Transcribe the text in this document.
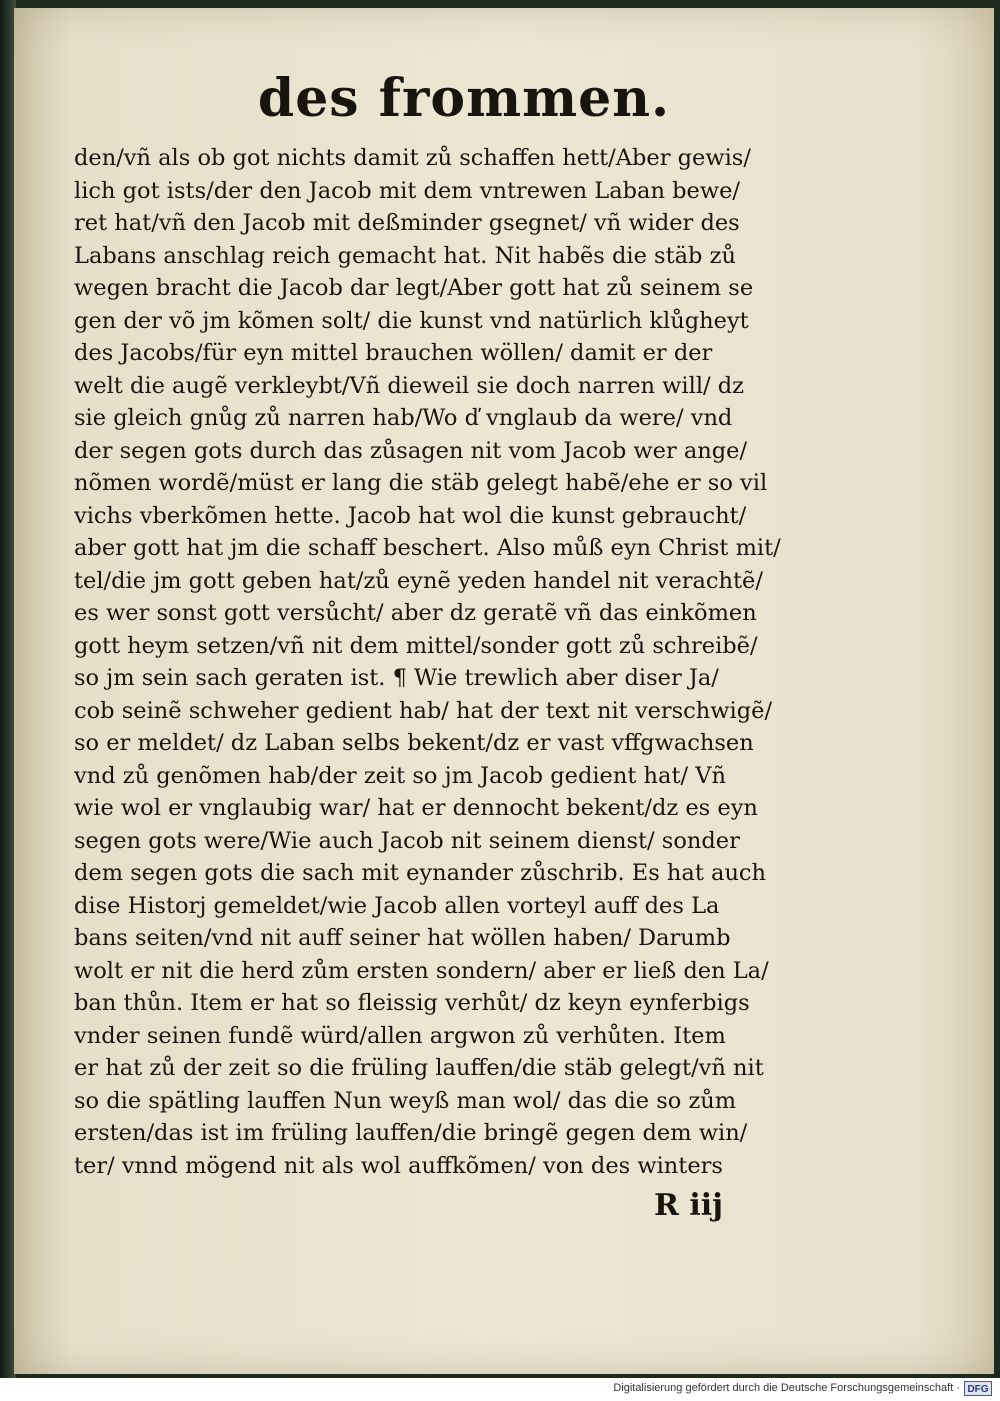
des frommen.
den/vñ als ob got nichts damit zů schaffen hett/Aber gewis/
lich got ists/der den Jacob mit dem vntrewen Laban bewe/
ret hat/vñ den Jacob mit deßminder gsegnet/ vñ wider des
Labans anschlag reich gemacht hat. Nit habẽs die stäb zů
wegen bracht die Jacob dar legt/Aber gott hat zů seinem se
gen der võ jm kõmen solt/ die kunst vnd natürlich klůgheyt
des Jacobs/für eyn mittel brauchen wöllen/ damit er der
welt die augẽ verkleybt/Vñ dieweil sie doch narren will/ dz
sie gleich gnůg zů narren hab/Wo ď vnglaub da were/ vnd
der segen gots durch das zůsagen nit vom Jacob wer ange/
nõmen wordẽ/müst er lang die stäb gelegt habẽ/ehe er so vil
vichs vberkõmen hette. Jacob hat wol die kunst gebraucht/
aber gott hat jm die schaff beschert. Also můß eyn Christ mit/
tel/die jm gott geben hat/zů eynẽ yeden handel nit verachtẽ/
es wer sonst gott versůcht/ aber dz geratẽ vñ das einkõmen
gott heym setzen/vñ nit dem mittel/sonder gott zů schreibẽ/
so jm sein sach geraten ist. ¶ Wie trewlich aber diser Ja/
cob seinẽ schweher gedient hab/ hat der text nit verschwigẽ/
so er meldet/ dz Laban selbs bekent/dz er vast vffgwachsen
vnd zů genõmen hab/der zeit so jm Jacob gedient hat/ Vñ
wie wol er vnglaubig war/ hat er dennocht bekent/dz es eyn
segen gots were/Wie auch Jacob nit seinem dienst/ sonder
dem segen gots die sach mit eynander zůschrib. Es hat auch
dise Historj gemeldet/wie Jacob allen vorteyl auff des La
bans seiten/vnd nit auff seiner hat wöllen haben/ Darumb
wolt er nit die herd zům ersten sondern/ aber er ließ den La/
ban thůn. Item er hat so fleissig verhůt/ dz keyn eynferbigs
vnder seinen fundẽ würd/allen argwon zů verhůten. Item
er hat zů der zeit so die früling lauffen/die stäb gelegt/vñ nit
so die spätling lauffen Nun weyß man wol/ das die so zům
ersten/das ist im früling lauffen/die bringẽ gegen dem win/
ter/ vnnd mögend nit als wol auffkõmen/ von des winters
R iij
Digitalisierung gefördert durch die Deutsche Forschungsgemeinschaft · DFG
